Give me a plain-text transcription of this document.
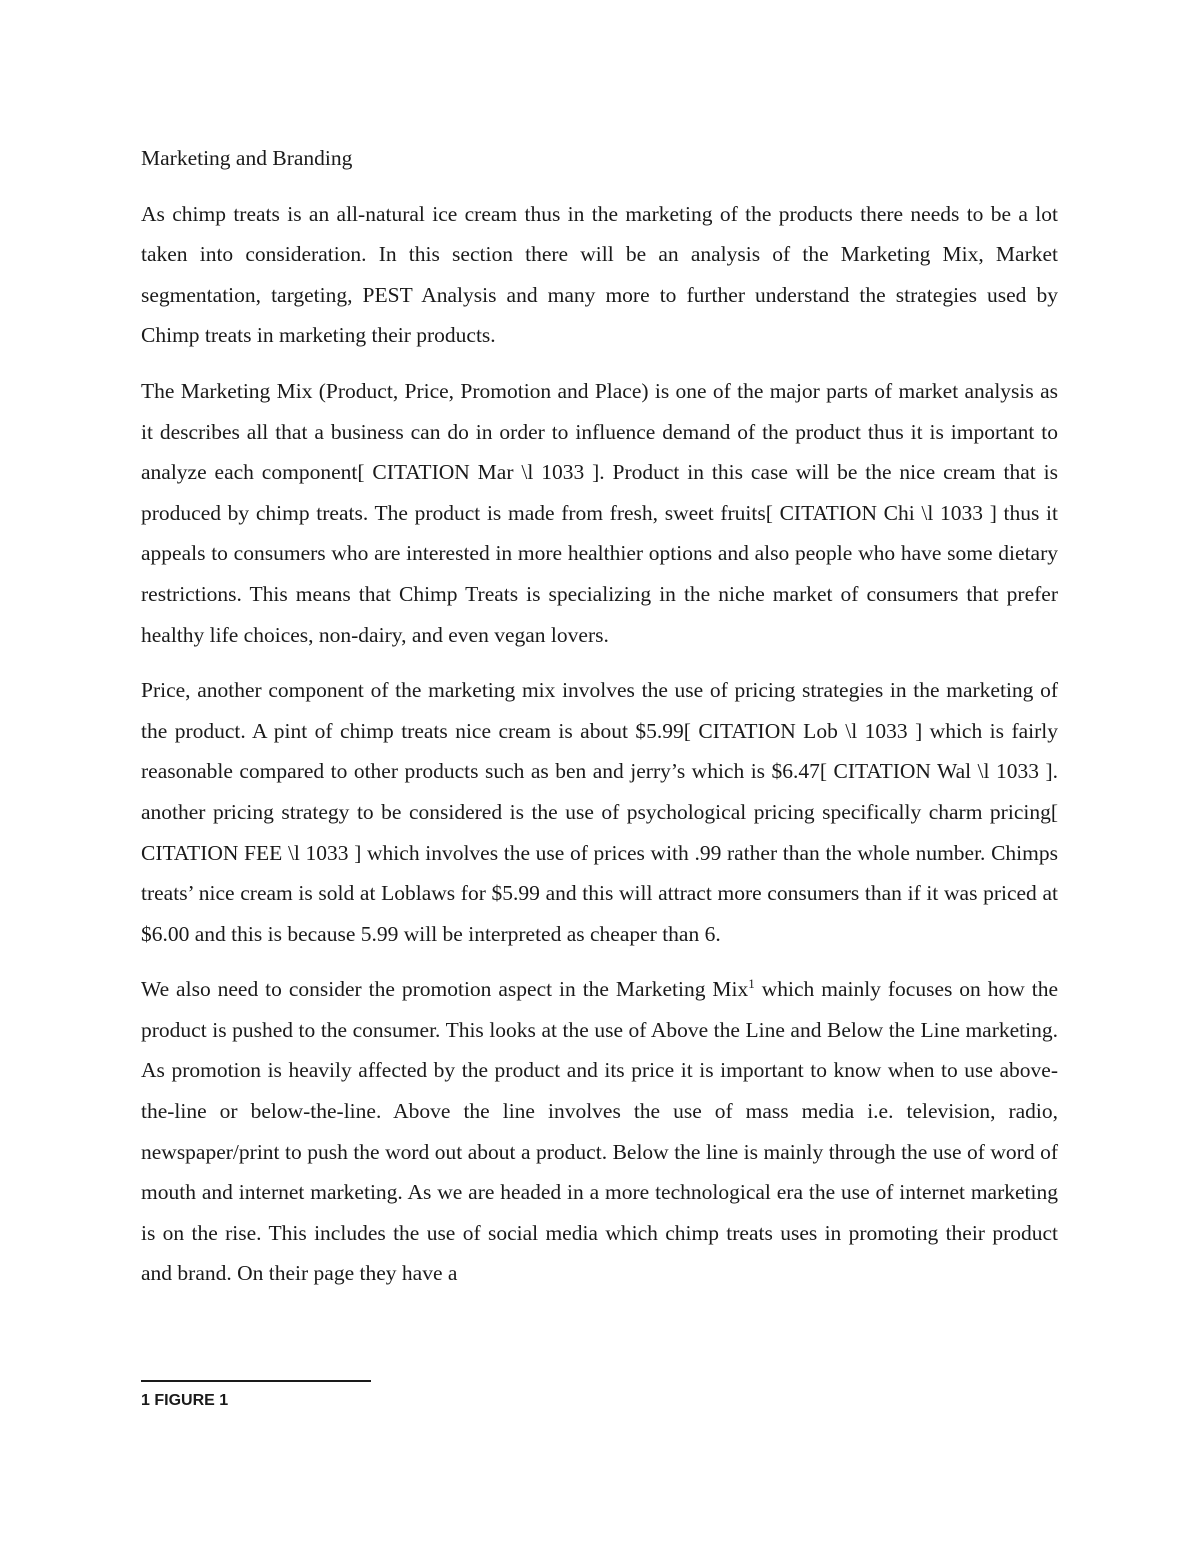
Marketing and Branding

As chimp treats is an all-natural ice cream thus in the marketing of the products there needs to be a lot taken into consideration. In this section there will be an analysis of the Marketing Mix, Market segmentation, targeting, PEST Analysis and many more to further understand the strategies used by Chimp treats in marketing their products.

The Marketing Mix (Product, Price, Promotion and Place) is one of the major parts of market analysis as it describes all that a business can do in order to influence demand of the product thus it is important to analyze each component[ CITATION Mar \l 1033 ]. Product in this case will be the nice cream that is produced by chimp treats. The product is made from fresh, sweet fruits[ CITATION Chi \l 1033 ] thus it appeals to consumers who are interested in more healthier options and also people who have some dietary restrictions. This means that Chimp Treats is specializing in the niche market of consumers that prefer healthy life choices, non-dairy, and even vegan lovers.

Price, another component of the marketing mix involves the use of pricing strategies in the marketing of the product. A pint of chimp treats nice cream is about $5.99[ CITATION Lob \l 1033 ] which is fairly reasonable compared to other products such as ben and jerry’s which is $6.47[ CITATION Wal \l 1033 ]. another pricing strategy to be considered is the use of psychological pricing specifically charm pricing[ CITATION FEE \l 1033 ] which involves the use of prices with .99 rather than the whole number. Chimps treats’ nice cream is sold at Loblaws for $5.99 and this will attract more consumers than if it was priced at $6.00 and this is because 5.99 will be interpreted as cheaper than 6.

We also need to consider the promotion aspect in the Marketing Mix$^1$ which mainly focuses on how the product is pushed to the consumer. This looks at the use of Above the Line and Below the Line marketing. As promotion is heavily affected by the product and its price it is important to know when to use above-the-line or below-the-line. Above the line involves the use of mass media i.e. television, radio, newspaper/print to push the word out about a product. Below the line is mainly through the use of word of mouth and internet marketing. As we are headed in a more technological era the use of internet marketing is on the rise. This includes the use of social media which chimp treats uses in promoting their product and brand. On their page they have a

1 FIGURE 1
